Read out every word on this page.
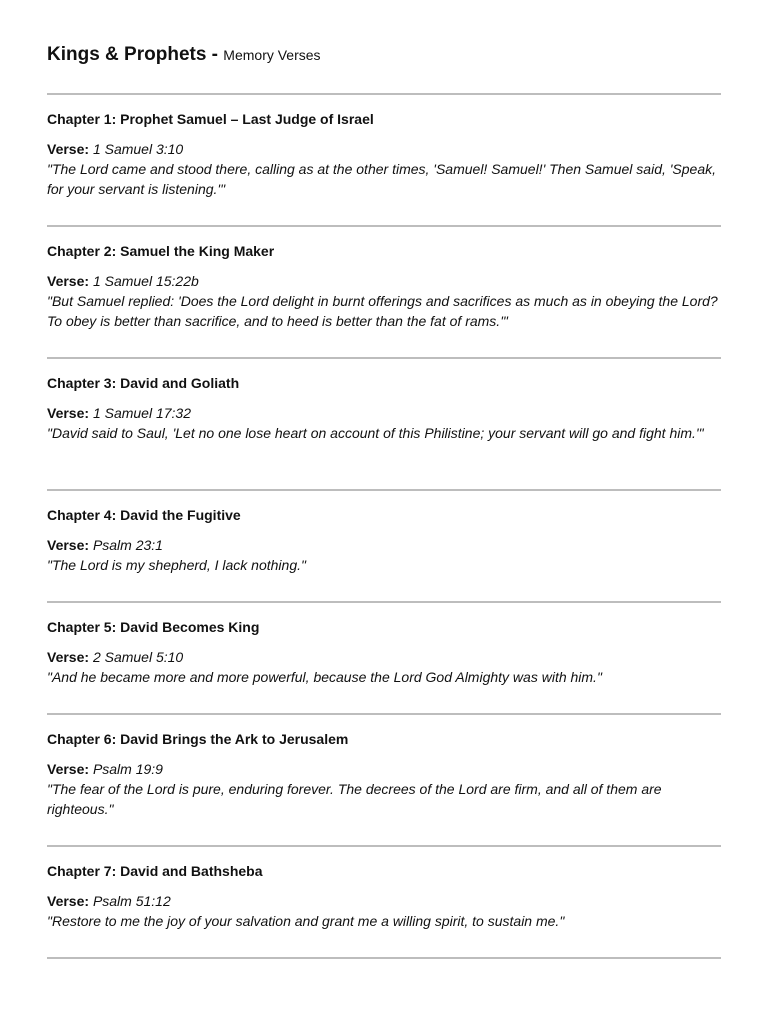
Kings & Prophets - Memory Verses
Chapter 1: Prophet Samuel – Last Judge of Israel

Verse: 1 Samuel 3:10

"The Lord came and stood there, calling as at the other times, 'Samuel! Samuel!' Then Samuel said, 'Speak, for your servant is listening.'"

Chapter 2: Samuel the King Maker

Verse: 1 Samuel 15:22b

"But Samuel replied: 'Does the Lord delight in burnt offerings and sacrifices as much as in obeying the Lord? To obey is better than sacrifice, and to heed is better than the fat of rams.'"

Chapter 3: David and Goliath

Verse: 1 Samuel 17:32

"David said to Saul, 'Let no one lose heart on account of this Philistine; your servant will go and fight him.'"

Chapter 4: David the Fugitive

Verse: Psalm 23:1

"The Lord is my shepherd, I lack nothing."

Chapter 5: David Becomes King

Verse: 2 Samuel 5:10

"And he became more and more powerful, because the Lord God Almighty was with him."

Chapter 6: David Brings the Ark to Jerusalem

Verse: Psalm 19:9

"The fear of the Lord is pure, enduring forever. The decrees of the Lord are firm, and all of them are righteous."

Chapter 7: David and Bathsheba

Verse: Psalm 51:12

"Restore to me the joy of your salvation and grant me a willing spirit, to sustain me."
